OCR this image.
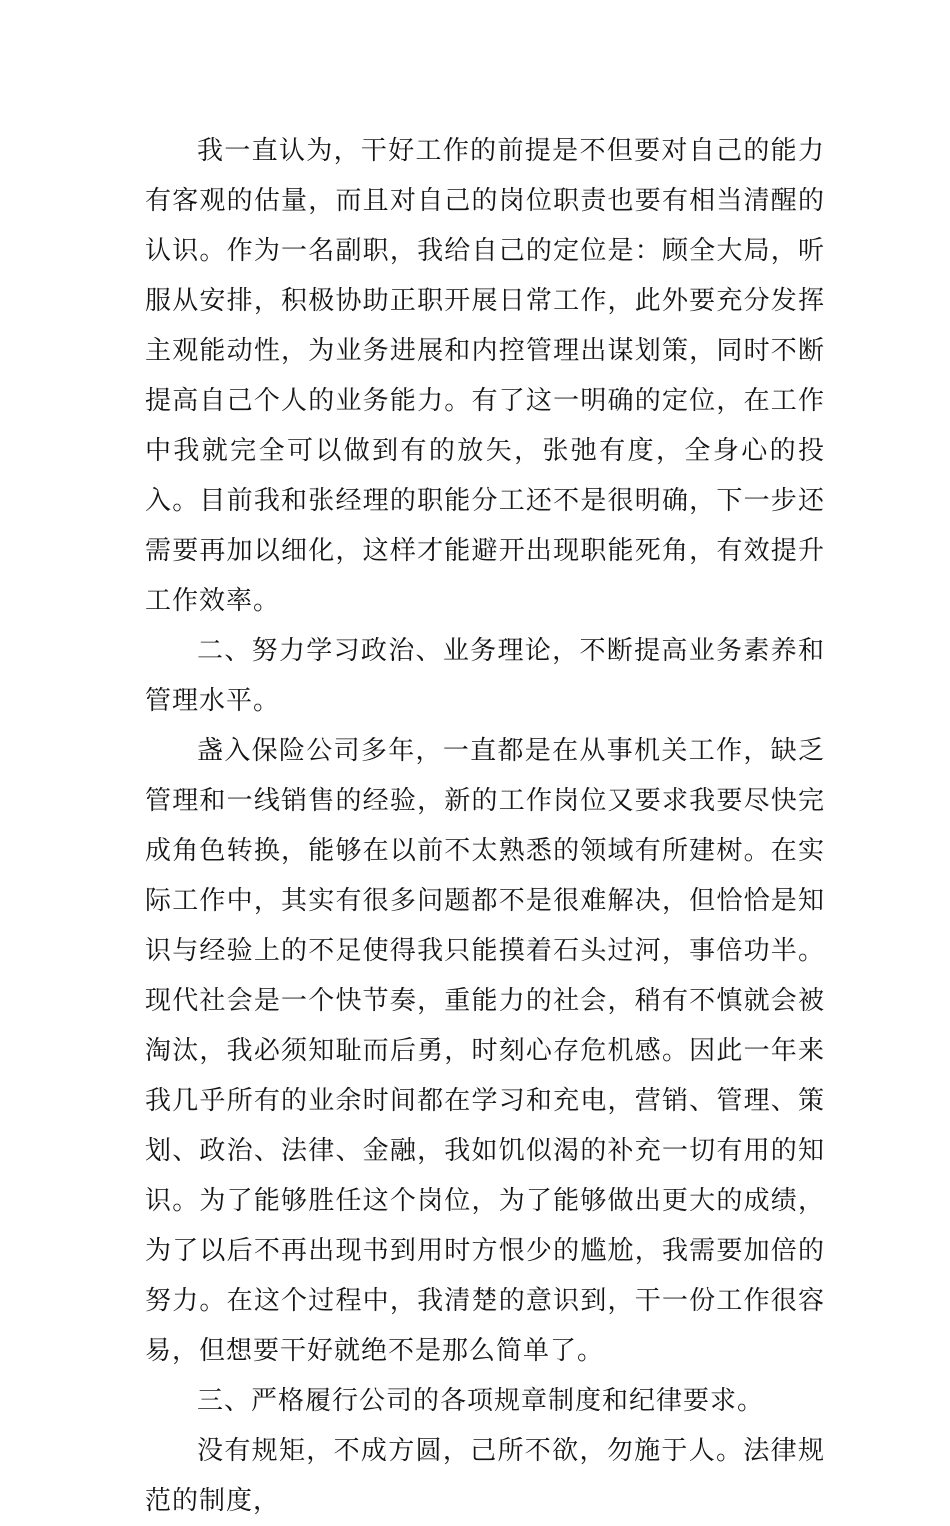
我一直认为，干好工作的前提是不但要对自己的能力有客观的估量，而且对自己的岗位职责也要有相当清醒的认识。作为一名副职，我给自己的定位是：顾全大局，听服从安排，积极协助正职开展日常工作，此外要充分发挥主观能动性，为业务进展和内控管理出谋划策，同时不断提高自己个人的业务能力。有了这一明确的定位，在工作中我就完全可以做到有的放矢，张弛有度，全身心的投入。目前我和张经理的职能分工还不是很明确，下一步还需要再加以细化，这样才能避开出现职能死角，有效提升工作效率。

二、努力学习政治、业务理论，不断提高业务素养和管理水平。

盏入保险公司多年，一直都是在从事机关工作，缺乏管理和一线销售的经验，新的工作岗位又要求我要尽快完成角色转换，能够在以前不太熟悉的领域有所建树。在实际工作中，其实有很多问题都不是很难解决，但恰恰是知识与经验上的不足使得我只能摸着石头过河，事倍功半。现代社会是一个快节奏，重能力的社会，稍有不慎就会被淘汰，我必须知耻而后勇，时刻心存危机感。因此一年来我几乎所有的业余时间都在学习和充电，营销、管理、策划、政治、法律、金融，我如饥似渴的补充一切有用的知识。为了能够胜任这个岗位，为了能够做出更大的成绩，为了以后不再出现书到用时方恨少的尴尬，我需要加倍的努力。在这个过程中，我清楚的意识到，干一份工作很容易，但想要干好就绝不是那么简单了。

三、严格履行公司的各项规章制度和纪律要求。

没有规矩，不成方圆，己所不欲，勿施于人。法律规范的制度，
